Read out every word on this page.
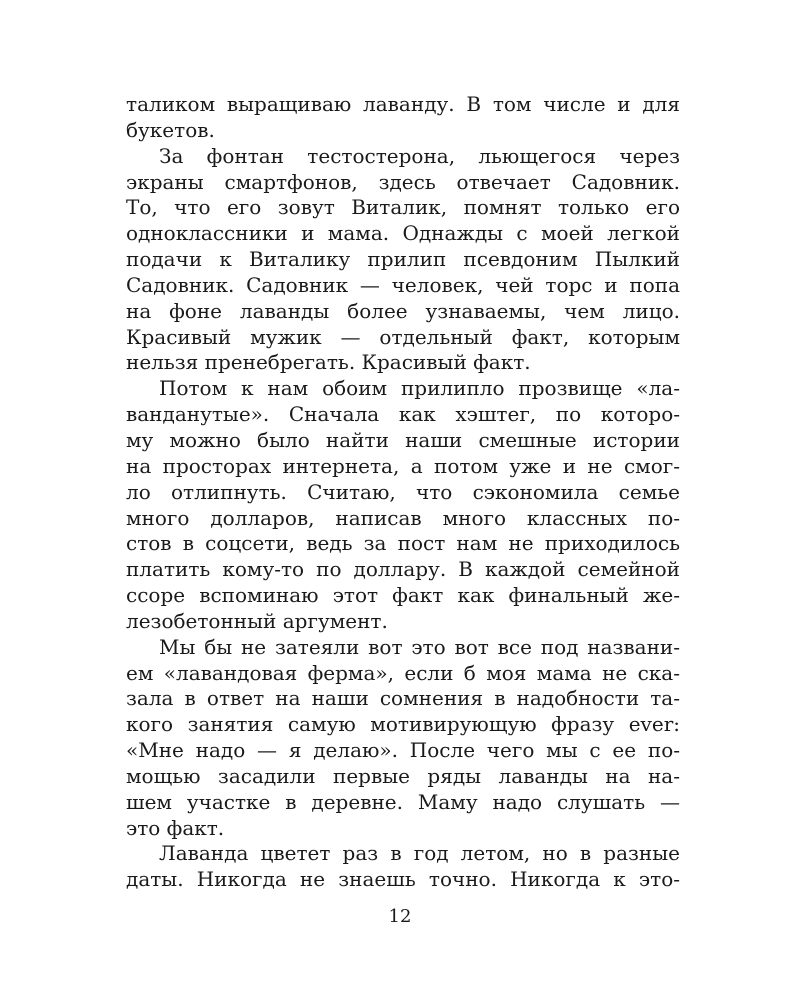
таликом выращиваю лаванду. В том числе и для
букетов.
За фонтан тестостерона, льющегося через
экраны смартфонов, здесь отвечает Садовник.
То, что его зовут Виталик, помнят только его
одноклассники и мама. Однажды с моей легкой
подачи к Виталику прилип псевдоним Пылкий
Садовник. Садовник — человек, чей торс и попа
на фоне лаванды более узнаваемы, чем лицо.
Красивый мужик — отдельный факт, которым
нельзя пренебрегать. Красивый факт.
Потом к нам обоим прилипло прозвище «ла-
ванданутые». Сначала как хэштег, по которо-
му можно было найти наши смешные истории
на просторах интернета, а потом уже и не смог-
ло отлипнуть. Считаю, что сэкономила семье
много долларов, написав много классных по-
стов в соцсети, ведь за пост нам не приходилось
платить кому-то по доллару. В каждой семейной
ссоре вспоминаю этот факт как финальный же-
лезобетонный аргумент.
Мы бы не затеяли вот это вот все под названи-
ем «лавандовая ферма», если б моя мама не ска-
зала в ответ на наши сомнения в надобности та-
кого занятия самую мотивирующую фразу ever:
«Мне надо — я делаю». После чего мы с ее по-
мощью засадили первые ряды лаванды на на-
шем участке в деревне. Маму надо слушать —
это факт.
Лаванда цветет раз в год летом, но в разные
даты. Никогда не знаешь точно. Никогда к это-
12
